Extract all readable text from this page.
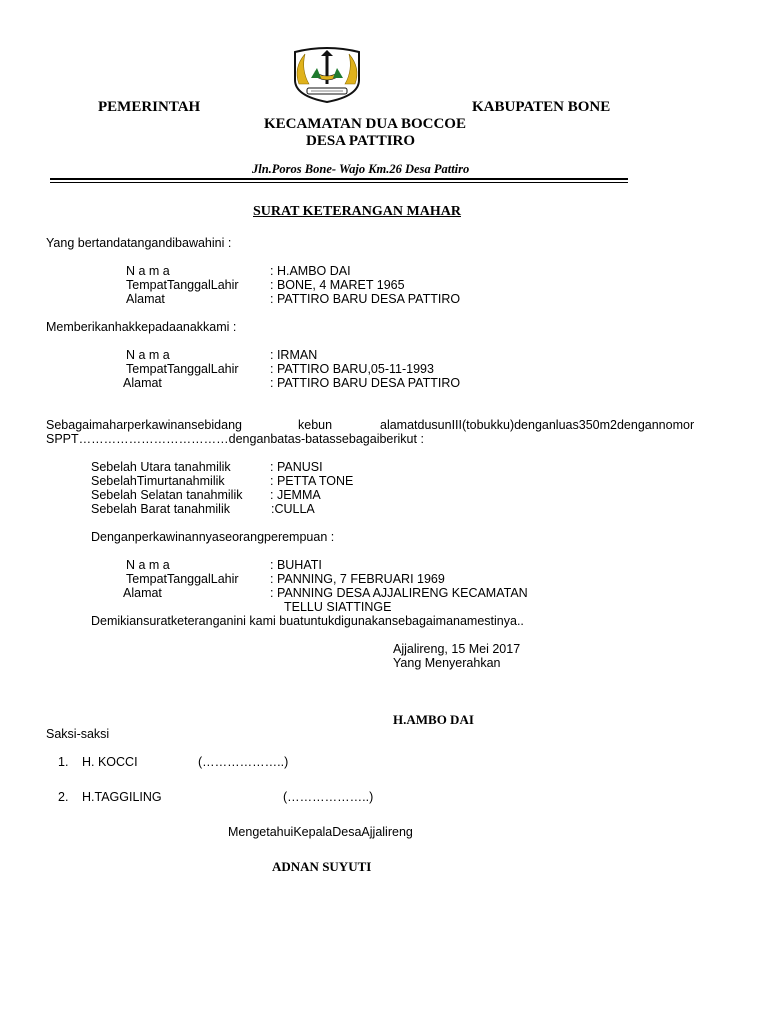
PEMERINTAH	KABUPATEN BONE
KECAMATAN DUA BOCCOE
DESA PATTIRO
Jln.Poros Bone- Wajo Km.26 Desa Pattiro
SURAT KETERANGAN MAHAR
Yang bertandatangandibawahini :
N a m a	: H.AMBO DAI
TempatTanggalLahir	: BONE, 4 MARET 1965
Alamat	: PATTIRO BARU DESA PATTIRO
Memberikanhakkepadaanakkami :
N a m a	: IRMAN
TempatTanggalLahir	: PATTIRO BARU,05-11-1993
Alamat	: PATTIRO BARU DESA PATTIRO
Sebagaimaharperkawinansebidang	kebun	alamatdusunIII(tobukku)denganluas350m2dengannomor
SPPT………………………………denganbatas-batassebagaiberikut :
Sebelah Utara tanahmilik	: PANUSI
SebelahTimurtanahmilik	: PETTA TONE
Sebelah Selatan tanahmilik : JEMMA
Sebelah Barat tanahmilik	:CULLA
Denganperkawinannyaseorangperempuan :
N a m a	: BUHATI
TempatTanggalLahir	: PANNING, 7 FEBRUARI 1969
Alamat	: PANNING DESA AJJALIRENG KECAMATAN
TELLU SIATTINGE
Demikiansuratketeranganini kami buatuntukdigunakansebagaimanamestinya..
Ajjalireng, 15 Mei 2017
Yang Menyerahkan
H.AMBO DAI
Saksi-saksi
1. H. KOCCI	(………………..)
2. H.TAGGILING	(………………..)
MengetahuiKepalaDesaAjjalireng
ADNAN SUYUTI
